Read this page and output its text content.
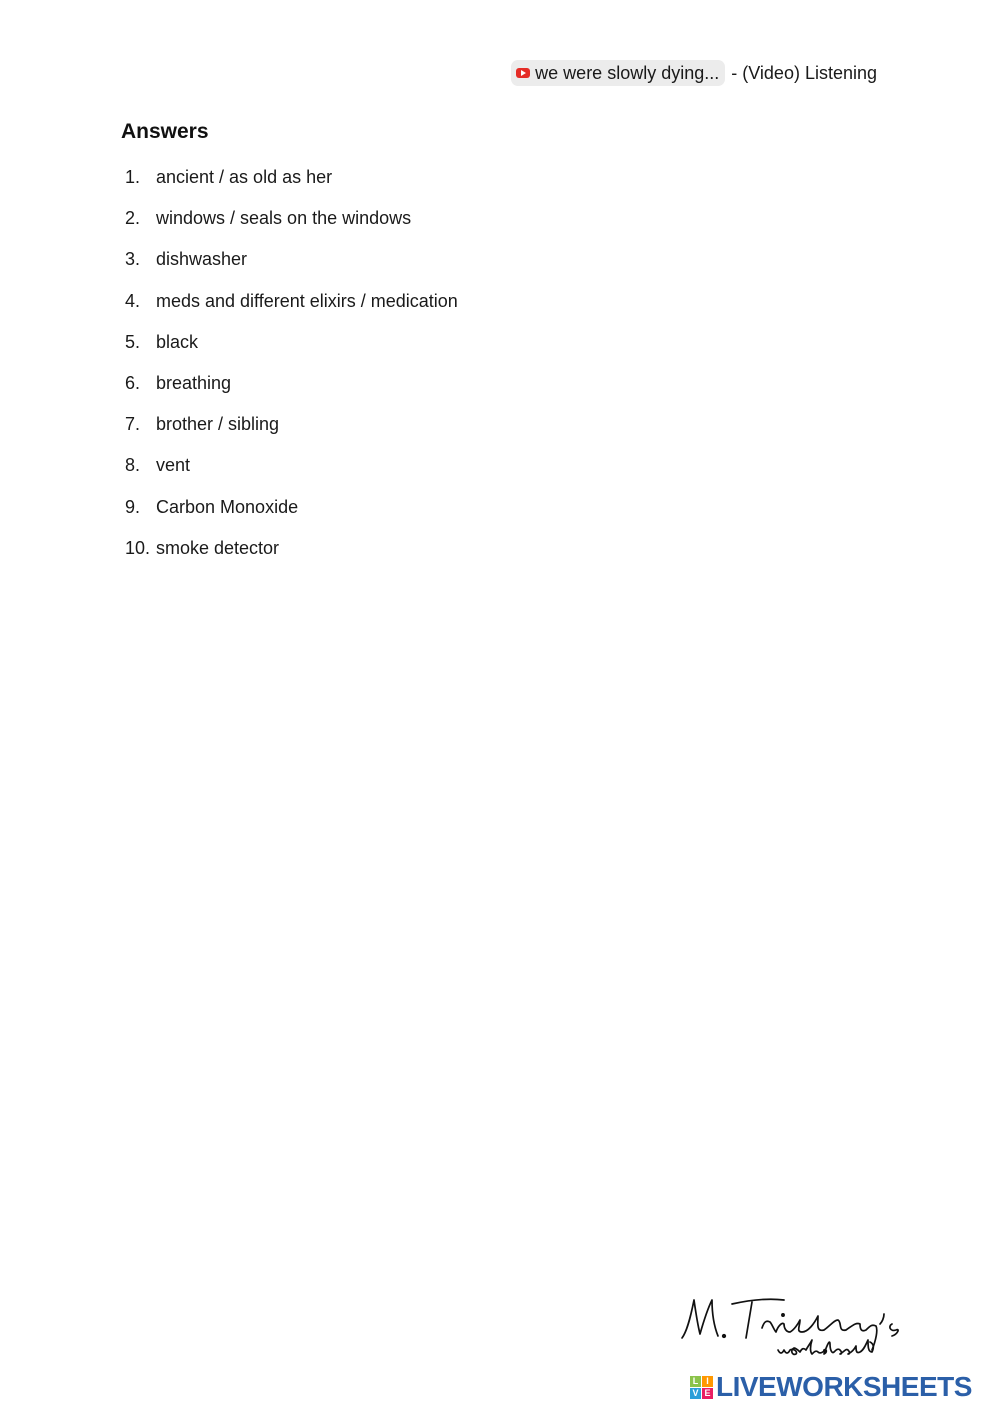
we were slowly dying... - (Video) Listening
Answers
1. ancient / as old as her
2. windows / seals on the windows
3. dishwasher
4. meds and different elixirs / medication
5. black
6. breathing
7. brother / sibling
8. vent
9. Carbon Monoxide
10. smoke detector
L I
V E LIVEWORKSHEETS
